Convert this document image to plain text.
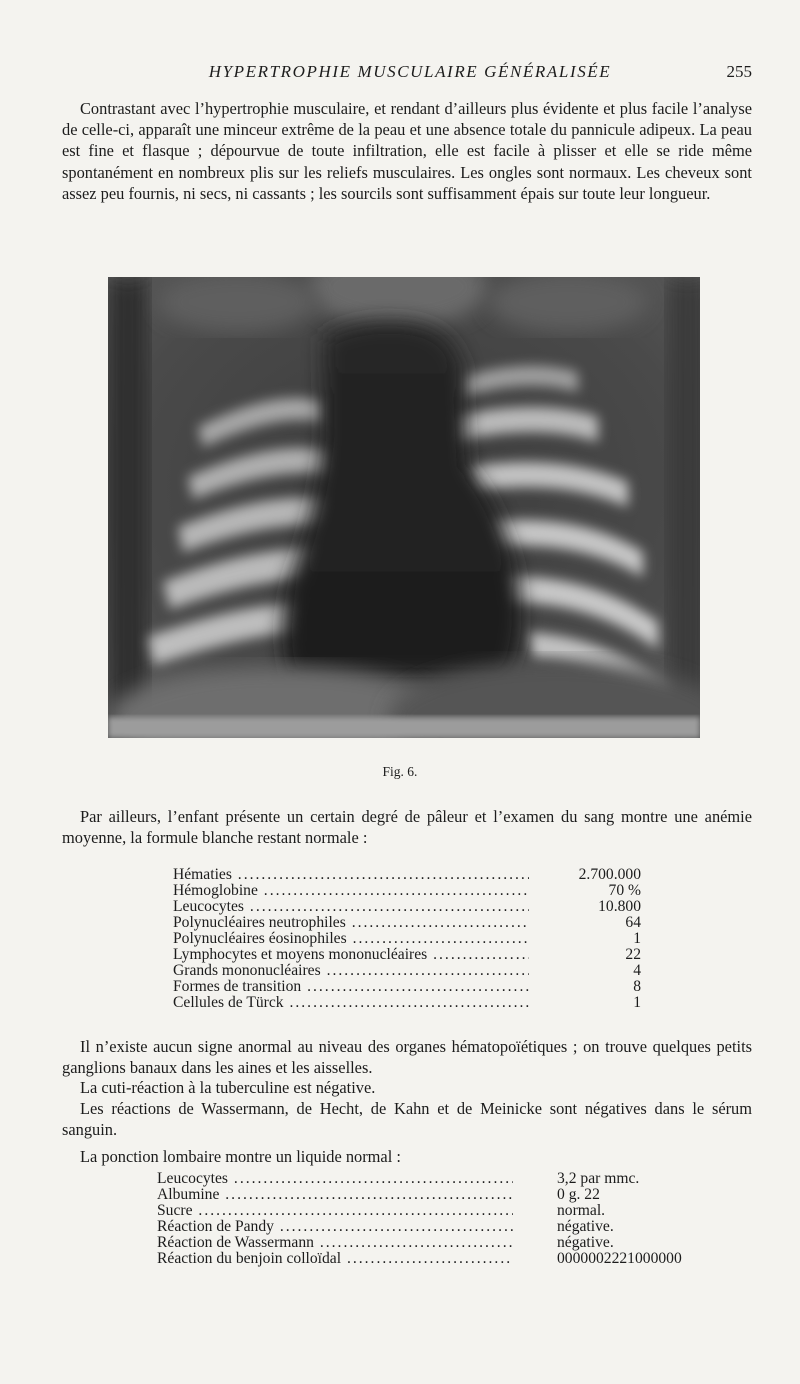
HYPERTROPHIE MUSCULAIRE GÉNÉRALISÉE	255

Contrastant avec l’hypertrophie musculaire, et rendant d’ailleurs plus évidente et plus facile l’analyse de celle-ci, apparaît une minceur extrême de la peau et une absence totale du pannicule adipeux. La peau est fine et flasque ; dépourvue de toute infiltration, elle est facile à plisser et elle se ride même spontanément en nombreux plis sur les reliefs musculaires. Les ongles sont normaux. Les cheveux sont assez peu fournis, ni secs, ni cassants ; les sourcils sont suffisamment épais sur toute leur longueur.

Fig. 6.

Par ailleurs, l’enfant présente un certain degré de pâleur et l’examen du sang montre une anémie moyenne, la formule blanche restant normale :

Hématies .....	2.700.000
Hémoglobine .....	70 %
Leucocytes .....	10.800
Polynucléaires neutrophiles .....	64
Polynucléaires éosinophiles .....	1
Lymphocytes et moyens mononucléaires .....	22
Grands mononucléaires .....	4
Formes de transition .....	8
Cellules de Türck .....	1

Il n’existe aucun signe anormal au niveau des organes hématopoïétiques ; on trouve quelques petits ganglions banaux dans les aines et les aisselles.

La cuti-réaction à la tuberculine est négative.

Les réactions de Wassermann, de Hecht, de Kahn et de Meinicke sont négatives dans le sérum sanguin.

La ponction lombaire montre un liquide normal :

Leucocytes .....	3,2 par mmc.
Albumine .....	0 g. 22
Sucre .....	normal.
Réaction de Pandy .....	négative.
Réaction de Wassermann .....	négative.
Réaction du benjoin colloïdal .....	0000002221000000
